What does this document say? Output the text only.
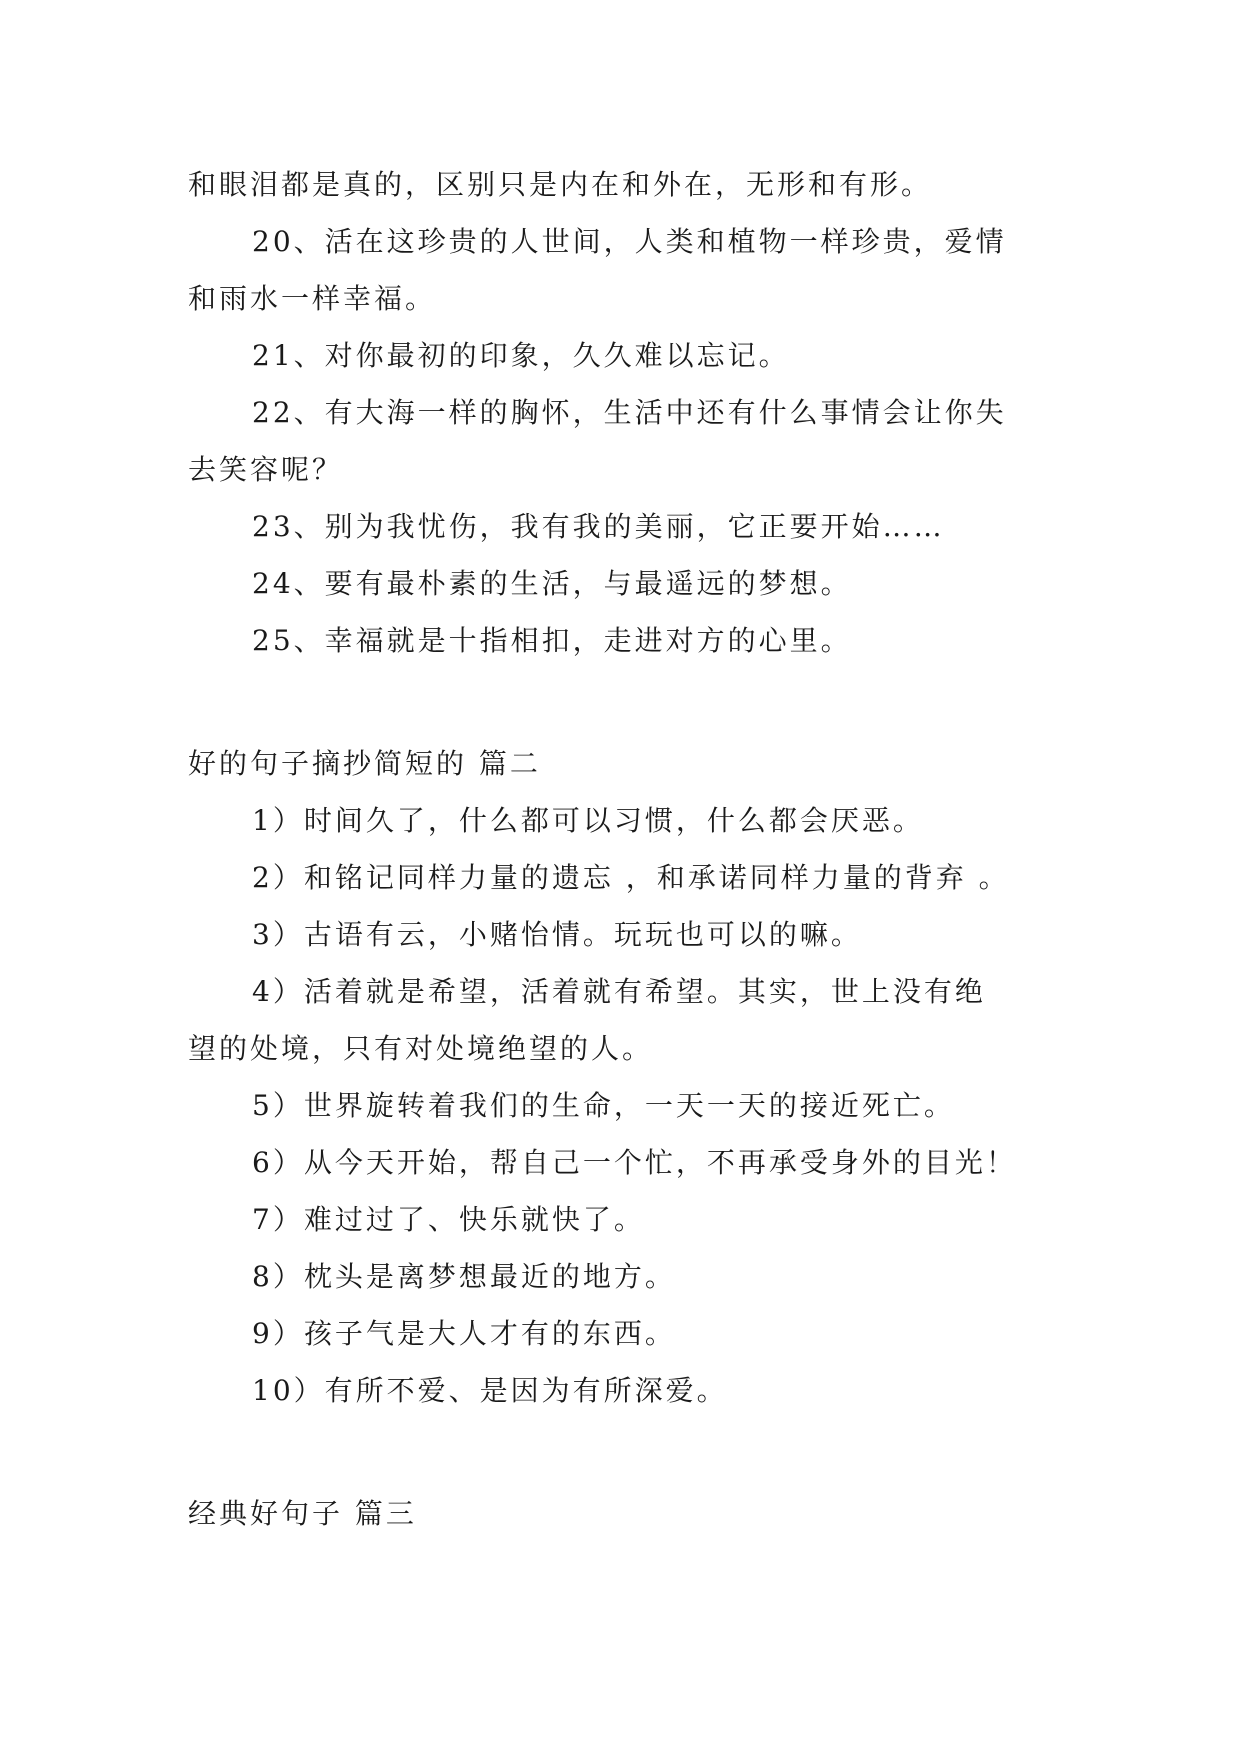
和眼泪都是真的，区别只是内在和外在，无形和有形。
20、活在这珍贵的人世间，人类和植物一样珍贵，爱情
和雨水一样幸福。
21、对你最初的印象，久久难以忘记。
22、有大海一样的胸怀，生活中还有什么事情会让你失
去笑容呢？
23、别为我忧伤，我有我的美丽，它正要开始……
24、要有最朴素的生活，与最遥远的梦想。
25、幸福就是十指相扣，走进对方的心里。
好的句子摘抄简短的 篇二
1）时间久了，什么都可以习惯，什么都会厌恶。
2）和铭记同样力量的遗忘 ，和承诺同样力量的背弃 。
3）古语有云，小赌怡情。玩玩也可以的嘛。
4）活着就是希望，活着就有希望。其实，世上没有绝
望的处境，只有对处境绝望的人。
5）世界旋转着我们的生命，一天一天的接近死亡。
6）从今天开始，帮自己一个忙，不再承受身外的目光！
7）难过过了、快乐就快了。
8）枕头是离梦想最近的地方。
9）孩子气是大人才有的东西。
10）有所不爱、是因为有所深爱。
经典好句子 篇三
